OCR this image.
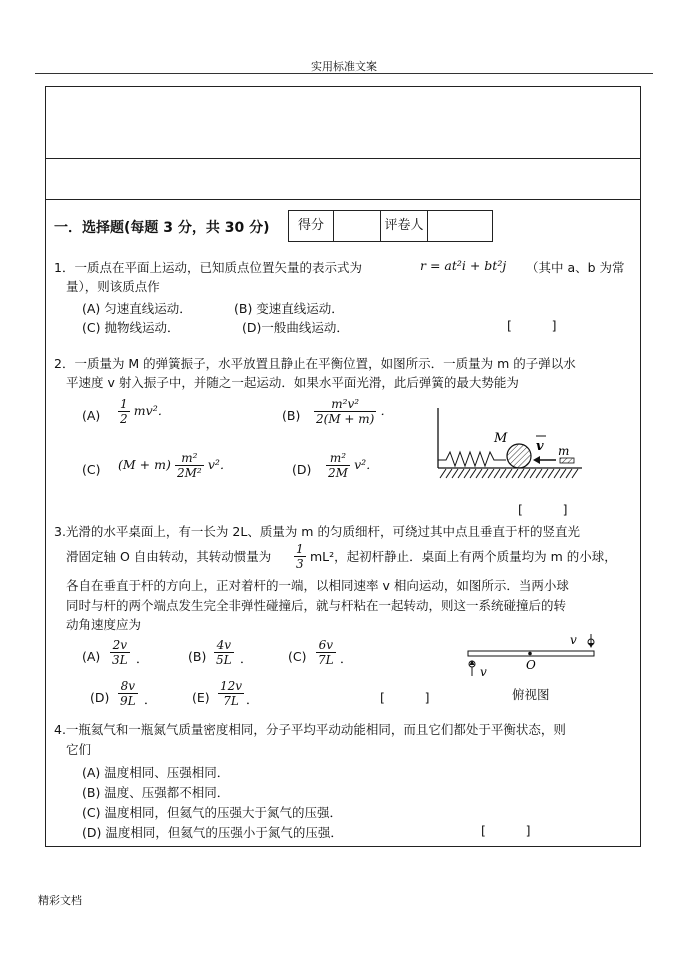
实用标准文案
一．选择题(每题 3 分，共 30 分)	得分	评卷人
1．一质点在平面上运动，已知质点位置矢量的表示式为	r = at²i + bt²j （其中 a、b 为常
量），则该质点作
(A) 匀速直线运动．	(B) 变速直线运动．
(C) 抛物线运动．	(D)一般曲线运动．	[          ]
2．一质量为 M 的弹簧振子，水平放置且静止在平衡位置，如图所示．一质量为 m 的子弹以水
平速度 v 射入振子中，并随之一起运动．如果水平面光滑，此后弹簧的最大势能为
$(A) \frac{1}{2} mv^2$．	$(B) \frac{\text{m²v²}}{2(M + m)}$ ．
(C) $(M + m) \frac{\text{m²}}{\text{2M²}} v^2$．	$(D) \frac{\text{m²}}{2M} v^2$．
M
v m
[          ]
3.光滑的水平桌面上，有一长为 2L、质量为 m 的匀质细杆，可绕过其中点且垂直于杆的竖直光
滑固定轴 O 自由转动，其转动惯量为 $\frac{1}{3} mL^2$，起初杆静止．桌面上有两个质量均为 m 的小球，
各自在垂直于杆的方向上，正对着杆的一端，以相同速率 v 相向运动，如图所示．当两小球
同时与杆的两个端点发生完全非弹性碰撞后，就与杆粘在一起转动，则这一系统碰撞后的转
动角速度应为
$(A) \frac{2v}{3L}$ ．	$(B) \frac{4v}{5L}$ ．	$(C) \frac{6v}{7L}$ ．
$(D) \frac{8v}{9L}$ ．	$(E) \frac{12v}{7L}$ ．	[          ]
O
v
v
俯视图
4.一瓶氦气和一瓶氮气质量密度相同，分子平均平动动能相同，而且它们都处于平衡状态，则
它们
(A) 温度相同、压强相同．
(B) 温度、压强都不相同．
(C) 温度相同，但氦气的压强大于氮气的压强．
(D) 温度相同，但氦气的压强小于氮气的压强．	[          ]
精彩文档
